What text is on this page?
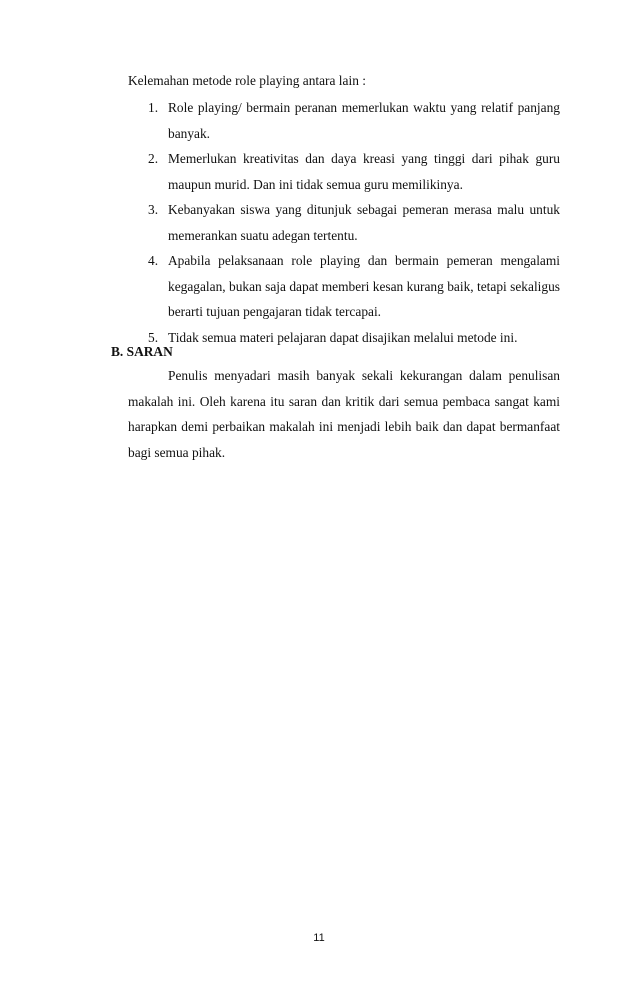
Kelemahan metode role playing antara lain :

1. Role playing/ bermain peranan memerlukan waktu yang relatif panjang banyak.
2. Memerlukan kreativitas dan daya kreasi yang tinggi dari pihak guru maupun murid. Dan ini tidak semua guru memilikinya.
3. Kebanyakan siswa yang ditunjuk sebagai pemeran merasa malu untuk memerankan suatu adegan tertentu.
4. Apabila pelaksanaan role playing dan bermain pemeran mengalami kegagalan, bukan saja dapat memberi kesan kurang baik, tetapi sekaligus berarti tujuan pengajaran tidak tercapai.
5. Tidak semua materi pelajaran dapat disajikan melalui metode ini.
B. SARAN

Penulis menyadari masih banyak sekali kekurangan dalam penulisan makalah ini. Oleh karena itu saran dan kritik dari semua pembaca sangat kami harapkan demi perbaikan makalah ini menjadi lebih baik dan dapat bermanfaat bagi semua pihak.

11
